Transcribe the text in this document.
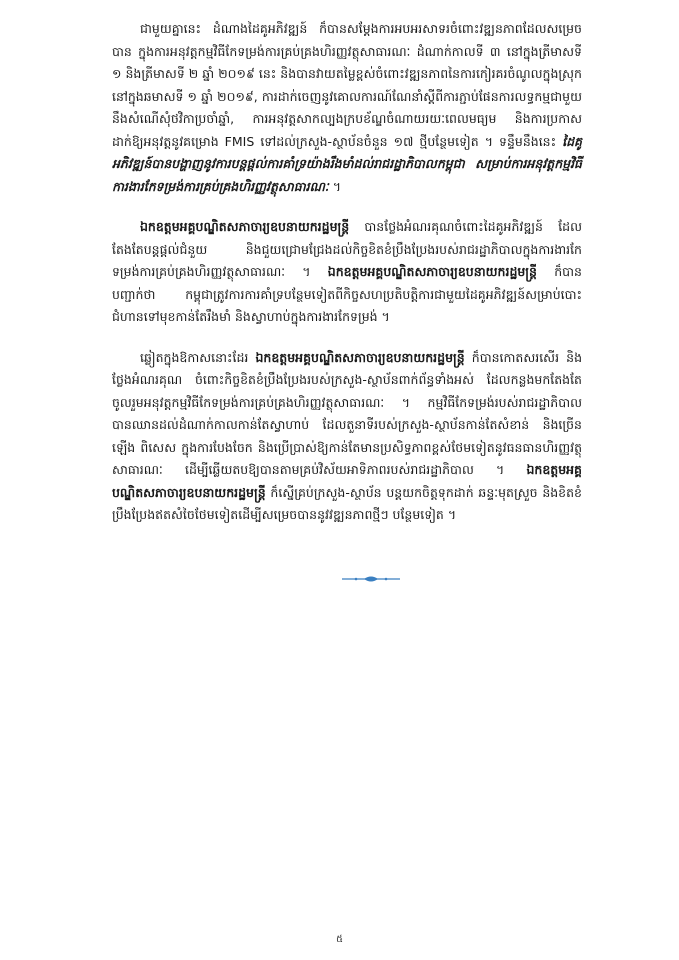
ជាមួយគ្នានេះ ដំណាងដៃគូអភិវឌ្ឍន៍ ក៏បានសម្តែងការអបអរសាទរចំពោះវឌ្ឍនភាពដែលសម្រេចបាន ក្នុងការអនុវត្តកម្មវិធីកែទម្រង់ការគ្រប់គ្រងហិរញ្ញវត្ថុសាធារណៈ ដំណាក់កាលទី ៣ នៅក្នុងត្រីមាសទី ១ និងត្រីមាសទី ២ ឆ្នាំ ២០១៩ នេះ និងបានវាយតម្លៃខ្ពស់ចំពោះវឌ្ឍនភាពនៃការកៀរគរចំណូលក្នុងស្រុកនៅក្នុងឆមាសទី ១ ឆ្នាំ ២០១៩, ការដាក់ចេញនូវគោលការណ៍ណែនាំស្តីពីការភ្ជាប់ផែនការលទ្ធកម្មជាមួយនឹងសំណើសុំថវិកាប្រចាំឆ្នាំ, ការអនុវត្តសាកល្បងក្របខ័ណ្ឌចំណាយរយៈពេលមធ្យម និងការប្រកាសដាក់ឱ្យអនុវត្តនូវគម្រោង FMIS ទៅដល់ក្រសួង-ស្ថាប័នចំនួន ១៧ ថ្មីបន្ថែមទៀត ។ ទន្ទឹមនឹងនេះ ដៃគូអភិវឌ្ឍន៍បានបង្ហាញនូវការបន្តផ្តល់ការគាំទ្រយ៉ាងរឹងមាំដល់រាជរដ្ឋាភិបាលកម្ពុជា សម្រាប់ការអនុវត្តកម្មវិធីការងារកែទម្រង់ការគ្រប់គ្រងហិរញ្ញវត្ថុសាធារណៈ ។

ឯកឧត្តមអគ្គបណ្ឌិតសភាចារ្យឧបនាយករដ្ឋមន្ត្រី បានថ្លែងអំណរគុណចំពោះដៃគូអភិវឌ្ឍន៍ ដែលតែងតែបន្តផ្តល់ជំនួយ និងជួយជ្រោមជ្រែងដល់កិច្ចខិតខំប្រឹងប្រែងរបស់រាជរដ្ឋាភិបាលក្នុងការងារកែទម្រង់ការគ្រប់គ្រងហិរញ្ញវត្ថុសាធារណៈ ។ ឯកឧត្តមអគ្គបណ្ឌិតសភាចារ្យឧបនាយករដ្ឋមន្ត្រី ក៏បានបញ្ជាក់ថា កម្ពុជាត្រូវការការគាំទ្របន្ថែមទៀតពីកិច្ចសហប្រតិបត្តិការជាមួយដៃគូអភិវឌ្ឍន៍សម្រាប់បោះជំហានទៅមុខកាន់តែរឹងមាំ និងស្វាហាប់ក្នុងការងារកែទម្រង់ ។

ឆ្លៀតក្នុងឱកាសនោះដែរ ឯកឧត្តមអគ្គបណ្ឌិតសភាចារ្យឧបនាយករដ្ឋមន្ត្រី ក៏បានកោតសរសើរ និងថ្លែងអំណរគុណ ចំពោះកិច្ចខិតខំប្រឹងប្រែងរបស់ក្រសួង-ស្ថាប័នពាក់ព័ន្ធទាំងអស់ ដែលកន្លងមកតែងតែចូលរួមអនុវត្តកម្មវិធីកែទម្រង់ការគ្រប់គ្រងហិរញ្ញវត្ថុសាធារណៈ ។ កម្មវិធីកែទម្រង់របស់រាជរដ្ឋាភិបាលបានឈានដល់ដំណាក់កាលកាន់តែស្វាហាប់ ដែលតួនាទីរបស់ក្រសួង-ស្ថាប័នកាន់តែសំខាន់ និងច្រើនឡើង ពិសេស ក្នុងការបែងចែក និងប្រើប្រាស់ឱ្យកាន់តែមានប្រសិទ្ធភាពខ្ពស់ថែមទៀតនូវធនធានហិរញ្ញវត្ថុសាធារណៈ ដើម្បីឆ្លើយតបឱ្យបានតាមគ្រប់វិស័យអាទិភាពរបស់រាជរដ្ឋាភិបាល ។ ឯកឧត្តមអគ្គបណ្ឌិតសភាចារ្យឧបនាយករដ្ឋមន្ត្រី ក៏ស្នើគ្រប់ក្រសួង-ស្ថាប័ន បន្តយកចិត្តទុកដាក់ ឆន្ទៈមុតស្រួច និងខិតខំប្រឹងប្រែងឥតសំចៃថែមទៀតដើម្បីសម្រេចបាននូវវឌ្ឍនភាពថ្មីៗ បន្ថែមទៀត ។

៥
